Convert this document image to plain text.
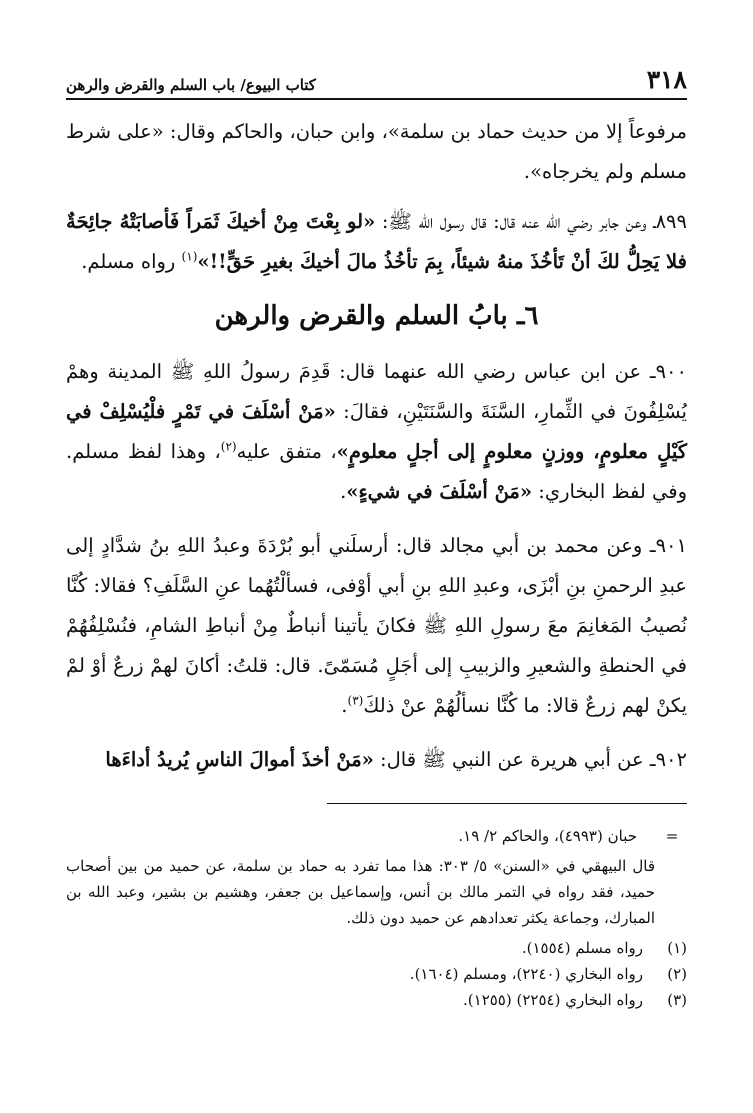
٣١٨
كتاب البيوع/ باب السلم والقرض والرهن

مرفوعاً إلا من حديث حماد بن سلمة»، وابن حبان، والحاكم وقال: «على شرط مسلم ولم يخرجاه».

٨٩٩ـ وعن جابر رضي الله عنه قال: قال رسول الله ﷺ: «لو بِعْتَ مِنْ أخيكَ ثَمَراً فَأصابَتْهُ جائِحَةٌ فلا يَحِلُّ لكَ أنْ تَأخُذَ منهُ شيئاً، بِمَ تأخُذُ مالَ أخيكَ بغيرِ حَقٍّ!!»$^{(١)}$ رواه مسلم.

٦ـ بابُ السلم والقرض والرهن

٩٠٠ـ عن ابن عباس رضي الله عنهما قال: قَدِمَ رسولُ اللهِ ﷺ المدينة وهمْ يُسْلِفُونَ في الثِّمارِ، السَّنَةَ والسَّنَتَيْنِ، فقالَ: «مَنْ أسْلَفَ في تَمْرٍ فلْيُسْلِفْ في كَيْلٍ معلومٍ، ووزنٍ معلومٍ إلى أجلٍ معلومٍ»، متفق عليه$^{(٢)}$، وهذا لفظ مسلم. وفي لفظ البخاري: «مَنْ أسْلَفَ في شيءٍ».

٩٠١ـ وعن محمد بن أبي مجالد قال: أرسلَني أبو بُرْدَةَ وعبدُ اللهِ بنُ شدَّادٍ إلى عبدِ الرحمنِ بنِ أبْزَى، وعبدِ اللهِ بنِ أبي أوْفى، فسألْتُهُما عنِ السَّلَفِ؟ فقالا: كُنَّا نُصيبُ المَغانِمَ معَ رسولِ اللهِ ﷺ فكانَ يأتينا أنباطٌ مِنْ أنباطِ الشامِ، فنُسْلِفُهُمْ في الحنطةِ والشعيرِ والزبيبِ إلى أجَلٍ مُسَمّىً. قال: قلتُ: أكانَ لهمْ زرعٌ أوْ لمْ يكنْ لهم زرعٌ قالا: ما كُنَّا نسألُهُمْ عنْ ذلكَ$^{(٣)}$.

٩٠٢ـ عن أبي هريرة عن النبي ﷺ قال: «مَنْ أخذَ أموالَ الناسِ يُريدُ أداءَها

=
حبان (٤٩٩٣)، والحاكم ٢/ ١٩.
قال البيهقي في «السنن» ٥/ ٣٠٣: هذا مما تفرد به حماد بن سلمة، عن حميد من بين أصحاب حميد، فقد رواه في التمر مالك بن أنس، وإسماعيل بن جعفر، وهشيم بن بشير، وعبد الله بن المبارك، وجماعة يكثر تعدادهم عن حميد دون ذلك.
(١)
رواه مسلم (١٥٥٤).
(٢)
رواه البخاري (٢٢٤٠)، ومسلم (١٦٠٤).
(٣)
رواه البخاري (٢٢٥٤) (١٢٥٥).
